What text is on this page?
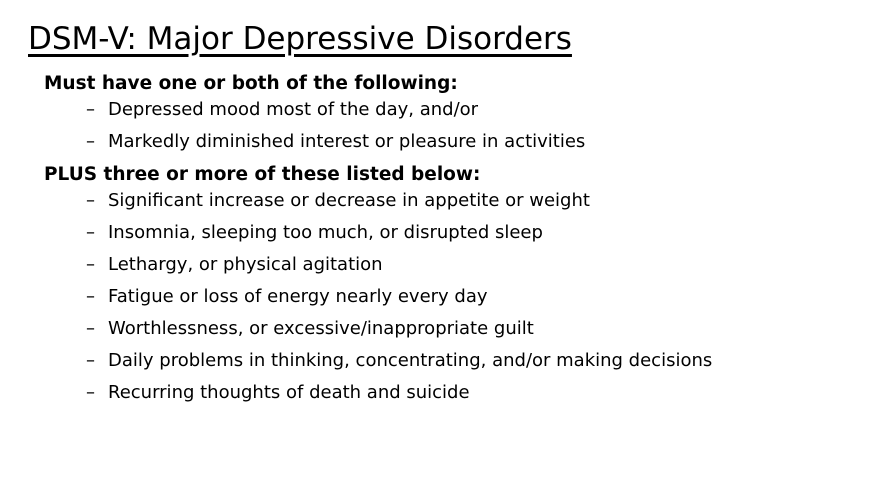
DSM-V: Major Depressive Disorders
Must have one or both of the following:
– Depressed mood most of the day, and/or
– Markedly diminished interest or pleasure in activities
PLUS three or more of these listed below:
– Significant increase or decrease in appetite or weight
– Insomnia, sleeping too much, or disrupted sleep
– Lethargy, or physical agitation
– Fatigue or loss of energy nearly every day
– Worthlessness, or excessive/inappropriate guilt
– Daily problems in thinking, concentrating, and/or making decisions
– Recurring thoughts of death and suicide
